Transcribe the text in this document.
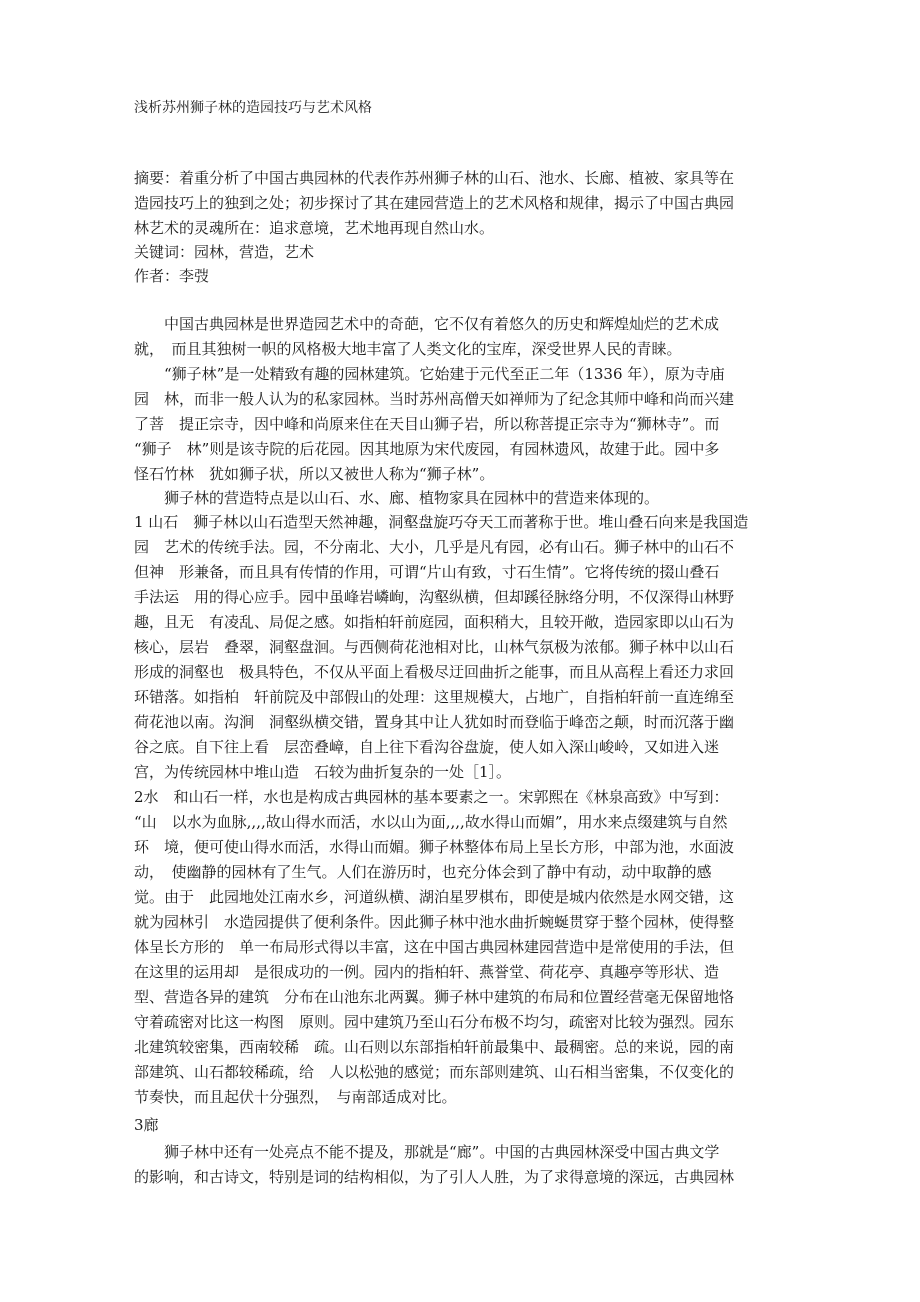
浅析苏州狮子林的造园技巧与艺术风格
摘要：着重分析了中国古典园林的代表作苏州狮子林的山石、池水、长廊、植被、家具等在
造园技巧上的独到之处；初步探讨了其在建园营造上的艺术风格和规律，揭示了中国古典园
林艺术的灵魂所在：追求意境，艺术地再现自然山水。
关键词：园林，营造，艺术
作者：李弢
　　中国古典园林是世界造园艺术中的奇葩，它不仅有着悠久的历史和辉煌灿烂的艺术成
就，　而且其独树一帜的风格极大地丰富了人类文化的宝库，深受世界人民的青睐。
　　“狮子林”是一处精致有趣的园林建筑。它始建于元代至正二年（1336 年），原为寺庙
园　林，而非一般人认为的私家园林。当时苏州高僧天如禅师为了纪念其师中峰和尚而兴建
了菩　提正宗寺，因中峰和尚原来住在天目山狮子岩，所以称菩提正宗寺为“狮林寺”。而
“狮子　林”则是该寺院的后花园。因其地原为宋代废园，有园林遗风，故建于此。园中多
怪石竹林　犹如狮子状，所以又被世人称为“狮子林”。
　　狮子林的营造特点是以山石、水、廊、植物家具在园林中的营造来体现的。
1 山石　狮子林以山石造型天然神趣，洞壑盘旋巧夺天工而著称于世。堆山叠石向来是我国造
园　艺术的传统手法。园，不分南北、大小，几乎是凡有园，必有山石。狮子林中的山石不
但神　形兼备，而且具有传情的作用，可谓“片山有致，寸石生情”。它将传统的掇山叠石
手法运　用的得心应手。园中虽峰岩嶙峋，沟壑纵横，但却蹊径脉络分明，不仅深得山林野
趣，且无　有凌乱、局促之感。如指柏轩前庭园，面积稍大，且较开敞，造园家即以山石为
核心，层岩　叠翠，洞壑盘洄。与西侧荷花池相对比，山林气氛极为浓郁。狮子林中以山石
形成的洞壑也　极具特色，不仅从平面上看极尽迂回曲折之能事，而且从高程上看还力求回
环错落。如指柏　轩前院及中部假山的处理：这里规模大，占地广，自指柏轩前一直连绵至
荷花池以南。沟涧　洞壑纵横交错，置身其中让人犹如时而登临于峰峦之颠，时而沉落于幽
谷之底。自下往上看　层峦叠嶂，自上往下看沟谷盘旋，使人如入深山峻岭，又如进入迷
宫，为传统园林中堆山造　石较为曲折复杂的一处［1］。
2水　和山石一样，水也是构成古典园林的基本要素之一。宋郭熙在《林泉高致》中写到：
“山　以水为血脉,,,,故山得水而活，水以山为面,,,,故水得山而媚”，用水来点缀建筑与自然
环　境，便可使山得水而活，水得山而媚。狮子林整体布局上呈长方形，中部为池，水面波
动，　使幽静的园林有了生气。人们在游历时，也充分体会到了静中有动，动中取静的感
觉。由于　此园地处江南水乡，河道纵横、湖泊星罗棋布，即使是城内依然是水网交错，这
就为园林引　水造园提供了便利条件。因此狮子林中池水曲折蜿蜒贯穿于整个园林，使得整
体呈长方形的　单一布局形式得以丰富，这在中国古典园林建园营造中是常使用的手法，但
在这里的运用却　是很成功的一例。园内的指柏轩、燕誉堂、荷花亭、真趣亭等形状、造
型、营造各异的建筑　分布在山池东北两翼。狮子林中建筑的布局和位置经营毫无保留地恪
守着疏密对比这一构图　原则。园中建筑乃至山石分布极不均匀，疏密对比较为强烈。园东
北建筑较密集，西南较稀　疏。山石则以东部指柏轩前最集中、最稠密。总的来说，园的南
部建筑、山石都较稀疏，给　人以松弛的感觉；而东部则建筑、山石相当密集，不仅变化的
节奏快，而且起伏十分强烈，　与南部适成对比。
3廊
　　狮子林中还有一处亮点不能不提及，那就是“廊”。中国的古典园林深受中国古典文学
的影响，和古诗文，特别是词的结构相似，为了引人人胜，为了求得意境的深远，古典园林
